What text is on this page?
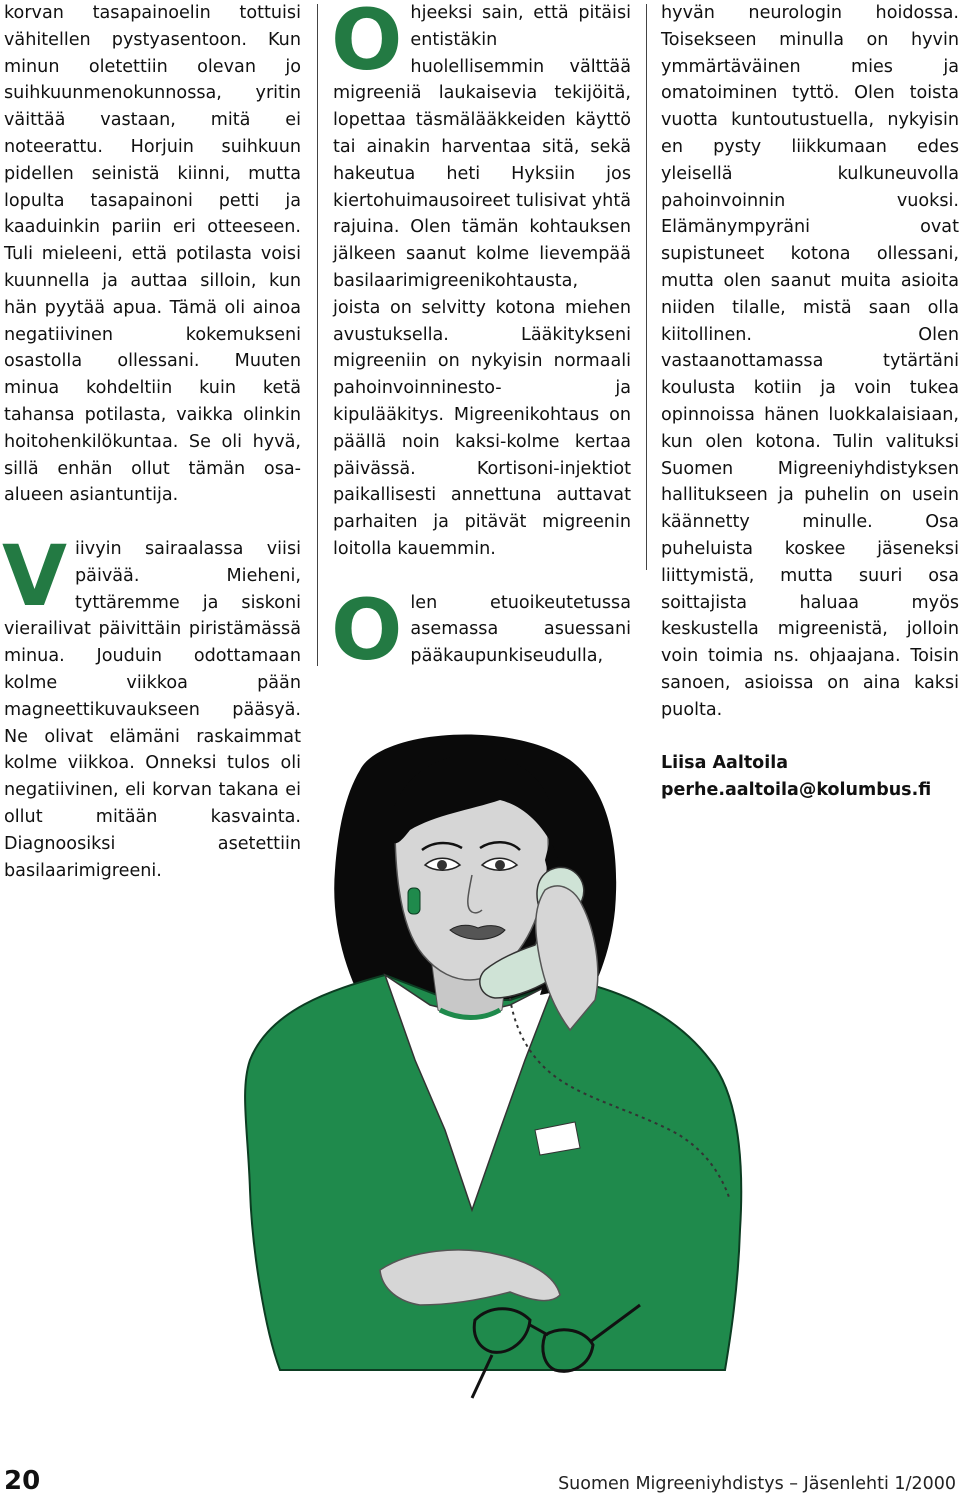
korvan tasapainoelin tottuisi vähitellen pystyasentoon. Kun minun oletettiin olevan jo suihkuunmenokunnossa, yritin väittää vastaan, mitä ei noteerattu. Horjuin suihkuun pidellen seinistä kiinni, mutta lopulta tasapainoni petti ja kaaduinkin pariin eri otteeseen. Tuli mieleeni, että potilasta voisi kuunnella ja auttaa silloin, kun hän pyytää apua. Tämä oli ainoa negatiivinen kokemukseni osastolla ollessani. Muuten minua kohdeltiin kuin ketä tahansa potilasta, vaikka olinkin hoitohenkilökuntaa. Se oli hyvä, sillä enhän ollut tämän osa-alueen asiantuntija.

Viivyin sairaalassa viisi päivää. Mieheni, tyttäremme ja siskoni vierailivat päivittäin piristämässä minua. Jouduin odottamaan kolme viikkoa pään magneettikuvaukseen pääsyä. Ne olivat elämäni raskaimmat kolme viikkoa. Onneksi tulos oli negatiivinen, eli korvan takana ei ollut mitään kasvainta. Diagnoosiksi asetettiin basilaarimigreeni.

Ohjeeksi sain, että pitäisi entistäkin huolellisemmin välttää migreeniä laukaisevia tekijöitä, lopettaa täsmälääkkeiden käyttö tai ainakin harventaa sitä, sekä hakeutua heti Hyksiin jos kiertohuimausoireet tulisivat yhtä rajuina. Olen tämän kohtauksen jälkeen saanut kolme lievempää basilaarimigreenikohtausta, joista on selvitty kotona miehen avustuksella. Lääkitykseni migreeniin on nykyisin normaali pahoinvoinninesto- ja kipulääkitys. Migreenikohtaus on päällä noin kaksi-kolme kertaa päivässä. Kortisoni-injektiot paikallisesti annettuna auttavat parhaiten ja pitävät migreenin loitolla kauemmin.

Olen etuoikeutetussa asemassa asuessani pääkaupunkiseudulla,

hyvän neurologin hoidossa. Toisekseen minulla on hyvin ymmärtäväinen mies ja omatoiminen tyttö. Olen toista vuotta kuntoutustuella, nykyisin en pysty liikkumaan edes yleisellä kulkuneuvolla pahoinvoinnin vuoksi. Elämänympyräni ovat supistuneet kotona ollessani, mutta olen saanut muita asioita niiden tilalle, mistä saan olla kiitollinen. Olen vastaanottamassa tytärtäni koulusta kotiin ja voin tukea opinnoissa hänen luokkalaisiaan, kun olen kotona. Tulin valituksi Suomen Migreeniyhdistyksen hallitukseen ja puhelin on usein käännetty minulle. Osa puheluista koskee jäseneksi liittymistä, mutta suuri osa soittajista haluaa myös keskustella migreenistä, jolloin voin toimia ns. ohjaajana. Toisin sanoen, asioissa on aina kaksi puolta.

Liisa Aaltoila

perhe.aaltoila@kolumbus.fi

20	Suomen Migreeniyhdistys – Jäsenlehti 1/2000
